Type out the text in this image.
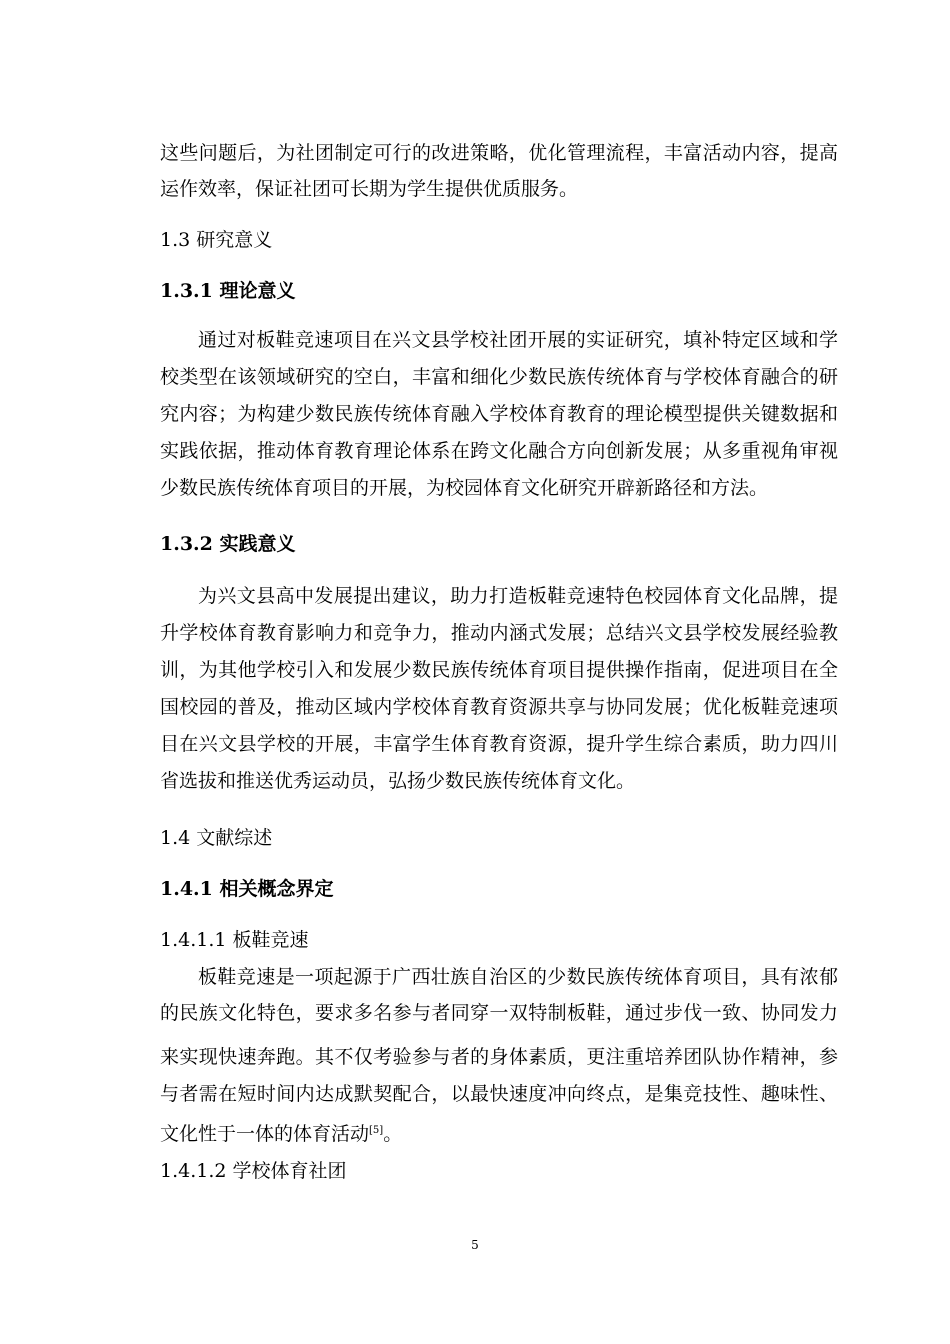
这些问题后，为社团制定可行的改进策略，优化管理流程，丰富活动内容，提高
运作效率，保证社团可长期为学生提供优质服务。
1.3 研究意义
1.3.1 理论意义
通过对板鞋竞速项目在兴文县学校社团开展的实证研究，填补特定区域和学
校类型在该领域研究的空白，丰富和细化少数民族传统体育与学校体育融合的研
究内容；为构建少数民族传统体育融入学校体育教育的理论模型提供关键数据和
实践依据，推动体育教育理论体系在跨文化融合方向创新发展；从多重视角审视
少数民族传统体育项目的开展，为校园体育文化研究开辟新路径和方法。
1.3.2 实践意义
为兴文县高中发展提出建议，助力打造板鞋竞速特色校园体育文化品牌，提
升学校体育教育影响力和竞争力，推动内涵式发展；总结兴文县学校发展经验教
训，为其他学校引入和发展少数民族传统体育项目提供操作指南，促进项目在全
国校园的普及，推动区域内学校体育教育资源共享与协同发展；优化板鞋竞速项
目在兴文县学校的开展，丰富学生体育教育资源，提升学生综合素质，助力四川
省选拔和推送优秀运动员，弘扬少数民族传统体育文化。
1.4 文献综述
1.4.1 相关概念界定
1.4.1.1 板鞋竞速
板鞋竞速是一项起源于广西壮族自治区的少数民族传统体育项目，具有浓郁
的民族文化特色，要求多名参与者同穿一双特制板鞋，通过步伐一致、协同发力
来实现快速奔跑。其不仅考验参与者的身体素质，更注重培养团队协作精神，参
与者需在短时间内达成默契配合，以最快速度冲向终点，是集竞技性、趣味性、
文化性于一体的体育活动[5]。
1.4.1.2 学校体育社团
5
